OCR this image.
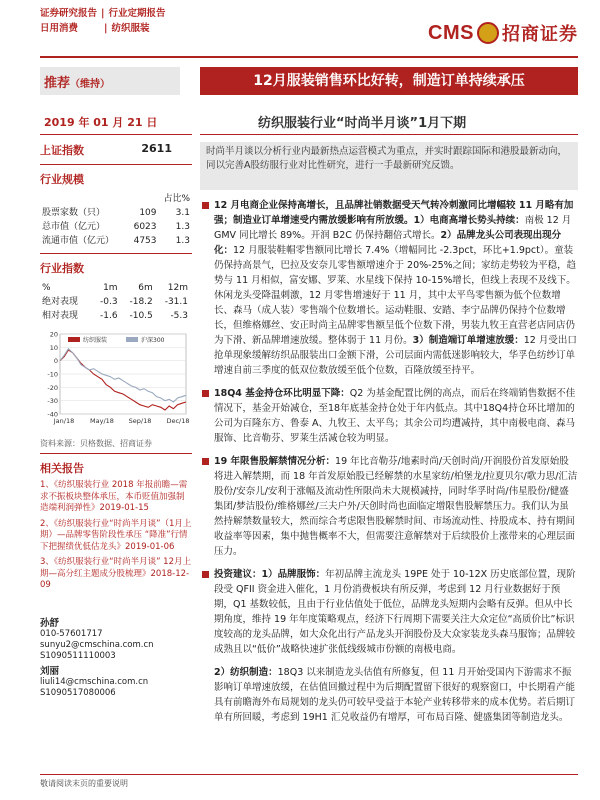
证券研究报告 | 行业定期报告
日用消费	| 纺织服装	CMS 招商证券
推荐（维持）	12月服装销售环比好转，制造订单持续承压
2019 年 01 月 21 日	纺织服装行业“时尚半月谈”1月下期
上证指数	2611
行业规模
		占比%
股票家数（只）	109	3.1
总市值（亿元）	6023	1.3
流通市值（亿元）	4753	1.3
行业指数
%	1m	6m	12m
绝对表现	-0.3	-18.2	-31.1
相对表现	-1.6	-10.5	-5.3
20
10
0
-10
-20
-30
-40
Jan/18 May/18 Sep/18 Dec/18
纺织服装	沪深300
资料来源：贝格数据、招商证券
相关报告
1、《纺织服装行业 2018 年报前瞻—需求不振板块整体承压，本币贬值加强制造端利润弹性》2019-01-15
2、《纺织服装行业“时尚半月谈”（1月上期）—品牌零售阶段性承压 “降准”行情下把握绩优低估龙头》2019-01-06
3、《纺织服装行业“时尚半月谈” 12月上期—高分红主题成分股梳理》2018-12-09
孙舒
010-57601717
sunyu2@cmschina.com.cn
S1090511110003
刘丽
liuli14@cmschina.com.cn
S1090517080006
时尚半月谈以分析行业内最新热点运营模式为重点，并实时跟踪国际和港股最新动向，同以完善A股纺服行业对比性研究，进行一手最新研究反馈。
12 月电商企业保持高增长，且品牌社销数据受天气转冷刺激同比增幅较 11 月略有加强；制造业订单增速受内需放缓影响有所放缓。1）电商高增长势头持续：南极 12 月 GMV 同比增长 89%。开润 B2C 仍保持翻倍式增长。2）品牌龙头公司表现出现分化：12 月服装鞋帽零售额同比增长 7.4%（增幅同比 -2.3pct，环比+1.9pct）。童装仍保持高景气，巴拉及安奈儿零售额增速介于 20%-25%之间；家纺走势较为平稳，趋势与 11 月相似，富安娜、罗莱、水星线下保持 10-15%增长，但线上表现不及线下。休闲龙头受降温刺激，12 月零售增速好于 11 月，其中太平鸟零售额为低个位数增长、森马（成人装）零售端个位数增长。运动鞋服、安踏、李宁品牌仍保持个位数增长，但维格娜丝、安正时尚主品牌零售额呈低个位数下滑，男装九牧王直营老店同店仍为下滑、新品牌增速放缓。整体弱于 11 月份。3）制造端订单增速放缓：12 月受出口抢单现象缓解纺织品服装出口金额下滑，公司层面内需低迷影响较大，华孚色纺纱订单增速自前三季度的低双位数放缓至低个位数，百隆放缓至持平。
18Q4 基金持仓环比明显下降：Q2 为基金配置比例的高点，而后在终端销售数据不佳情况下，基金开始减仓，至18年底基金持仓处于年内低点。其中18Q4持仓环比增加的公司为百隆东方、鲁泰 A、九牧王、太平鸟；其余公司均遭减持，其中南极电商、森马服饰、比音勒芬、罗莱生活减仓较为明显。
19 年限售股解禁情况分析：19 年比音勒芬/地素时尚/天创时尚/开润股份首发原始股将进入解禁期，而 18 年首发原始股已经解禁的水星家纺/柏堡龙/拉夏贝尔/歌力思/汇洁股份/安奈儿/安利于涨幅及流动性所限尚未大规模减持，同时华孚时尚/伟星股份/健盛集团/梦洁股份/维格娜丝/三夫户外/天创时尚也面临定增限售股解禁压力。我们认为虽然持解禁数量较大，然而综合考虑限售股解禁时间、市场流动性、持股成本、持有期间收益率等因素，集中抛售概率不大，但需要注意解禁对于后续股价上涨带来的心理层面压力。
投资建议：1）品牌服饰：年初品牌主流龙头 19PE 处于 10-12X 历史底部位置，现阶段受 QFII 资金进入催化，1 月份消费板块有所反弹，考虑到 12 月行业数据好于预期，Q1 基数较低，且由于行业估值处于低位，品牌龙头短期内会略有反弹。但从中长期角度，维持 19 年年度策略观点，经济下行周期下需要关注大众定位“高质价比”标识度较高的龙头品牌，如大众化出行产品龙头开润股份及大众家装龙头森马服饰；品牌较成熟且以“低价”战略快速扩张低线级城市份额的南极电商。
2）纺织制造：18Q3 以来制造龙头估值有所修复，但 11 月开始受国内下游需求不振影响订单增速放缓，在估值回撤过程中为后期配置留下很好的观察窗口，中长期看产能具有前瞻海外布局规划的龙头仍可较早受益于本轮产业转移带来的成本优势。若后期订单有所回暖，考虑到 19H1 汇兑收益仍有增厚，可布局百隆、健盛集团等制造龙头。
敬请阅读末页的重要说明
